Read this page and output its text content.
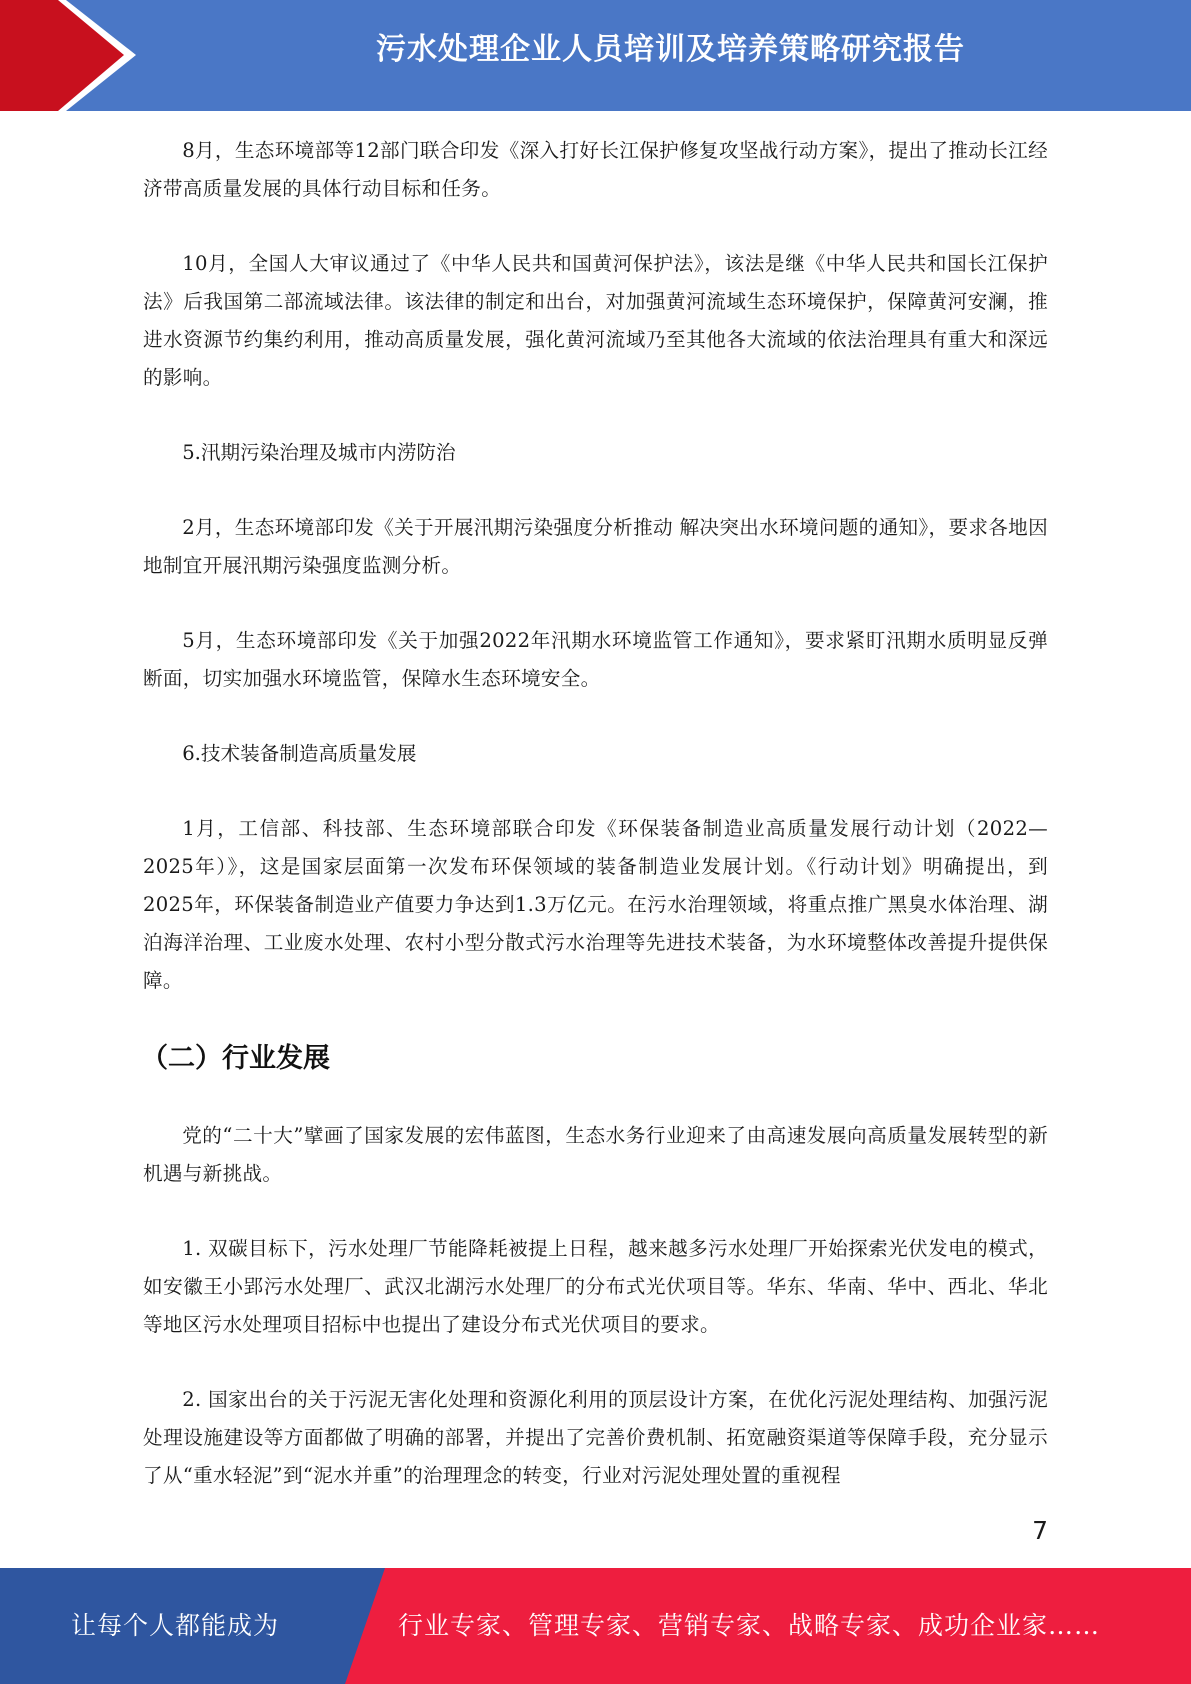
污水处理企业人员培训及培养策略研究报告

8月，生态环境部等12部门联合印发《深入打好长江保护修复攻坚战行动方案》，提出了推动长江经济带高质量发展的具体行动目标和任务。

10月，全国人大审议通过了《中华人民共和国黄河保护法》，该法是继《中华人民共和国长江保护法》后我国第二部流域法律。该法律的制定和出台，对加强黄河流域生态环境保护，保障黄河安澜，推进水资源节约集约利用，推动高质量发展，强化黄河流域乃至其他各大流域的依法治理具有重大和深远的影响。

5.汛期污染治理及城市内涝防治

2月，生态环境部印发《关于开展汛期污染强度分析推动 解决突出水环境问题的通知》，要求各地因地制宜开展汛期污染强度监测分析。

5月，生态环境部印发《关于加强2022年汛期水环境监管工作通知》，要求紧盯汛期水质明显反弹断面，切实加强水环境监管，保障水生态环境安全。

6.技术装备制造高质量发展

1月，工信部、科技部、生态环境部联合印发《环保装备制造业高质量发展行动计划（2022—2025年）》，这是国家层面第一次发布环保领域的装备制造业发展计划。《行动计划》明确提出，到2025年，环保装备制造业产值要力争达到1.3万亿元。在污水治理领域，将重点推广黑臭水体治理、湖泊海洋治理、工业废水处理、农村小型分散式污水治理等先进技术装备，为水环境整体改善提升提供保障。

（二）行业发展

党的“二十大”擘画了国家发展的宏伟蓝图，生态水务行业迎来了由高速发展向高质量发展转型的新机遇与新挑战。

1. 双碳目标下，污水处理厂节能降耗被提上日程，越来越多污水处理厂开始探索光伏发电的模式，如安徽王小郢污水处理厂、武汉北湖污水处理厂的分布式光伏项目等。华东、华南、华中、西北、华北等地区污水处理项目招标中也提出了建设分布式光伏项目的要求。

2. 国家出台的关于污泥无害化处理和资源化利用的顶层设计方案，在优化污泥处理结构、加强污泥处理设施建设等方面都做了明确的部署，并提出了完善价费机制、拓宽融资渠道等保障手段，充分显示了从“重水轻泥”到“泥水并重”的治理理念的转变，行业对污泥处理处置的重视程

7
让每个人都能成为	行业专家、管理专家、营销专家、战略专家、成功企业家……
